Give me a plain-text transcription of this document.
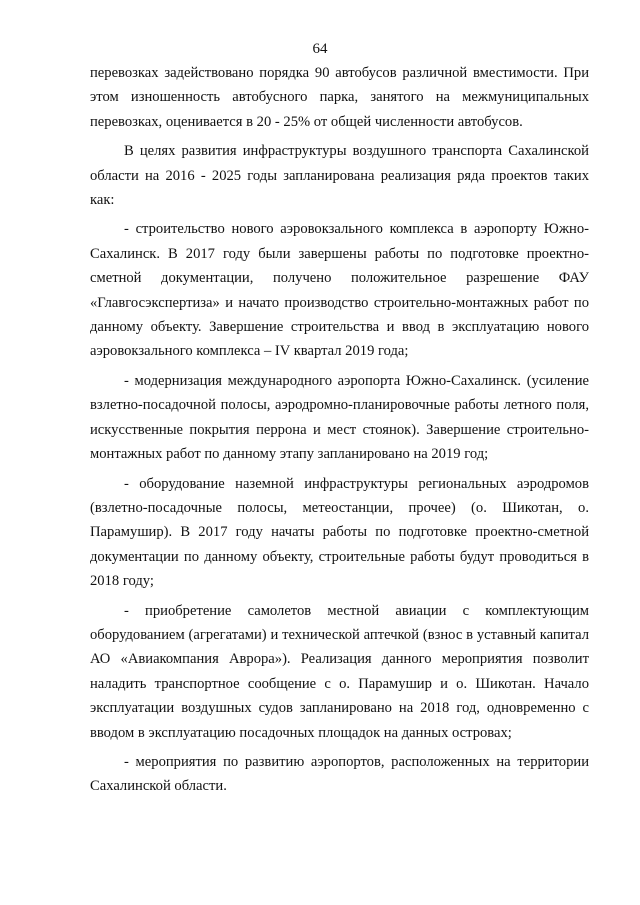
64

перевозках задействовано порядка 90 автобусов различной вместимости. При этом изношенность автобусного парка, занятого на межмуниципальных перевозках, оценивается в 20 - 25% от общей численности автобусов.

В целях развития инфраструктуры воздушного транспорта Сахалинской области на 2016 - 2025 годы запланирована реализация ряда проектов таких как:

- строительство нового аэровокзального комплекса в аэропорту Южно-Сахалинск. В 2017 году были завершены работы по подготовке проектно-сметной документации, получено положительное разрешение ФАУ «Главгосэкспертиза» и начато производство строительно-монтажных работ по данному объекту. Завершение строительства и ввод в эксплуатацию нового аэровокзального комплекса – IV квартал 2019 года;

- модернизация международного аэропорта Южно-Сахалинск. (усиление взлетно-посадочной полосы, аэродромно-планировочные работы летного поля, искусственные покрытия перрона и мест стоянок). Завершение строительно-монтажных работ по данному этапу запланировано на 2019 год;

- оборудование наземной инфраструктуры региональных аэродромов (взлетно-посадочные полосы, метеостанции, прочее) (о. Шикотан, о. Парамушир). В 2017 году начаты работы по подготовке проектно-сметной документации по данному объекту, строительные работы будут проводиться в 2018 году;

- приобретение самолетов местной авиации с комплектующим оборудованием (агрегатами) и технической аптечкой (взнос в уставный капитал АО «Авиакомпания Аврора»). Реализация данного мероприятия позволит наладить транспортное сообщение с о. Парамушир и о. Шикотан. Начало эксплуатации воздушных судов запланировано на 2018 год, одновременно с вводом в эксплуатацию посадочных площадок на данных островах;

- мероприятия по развитию аэропортов, расположенных на территории Сахалинской области.
